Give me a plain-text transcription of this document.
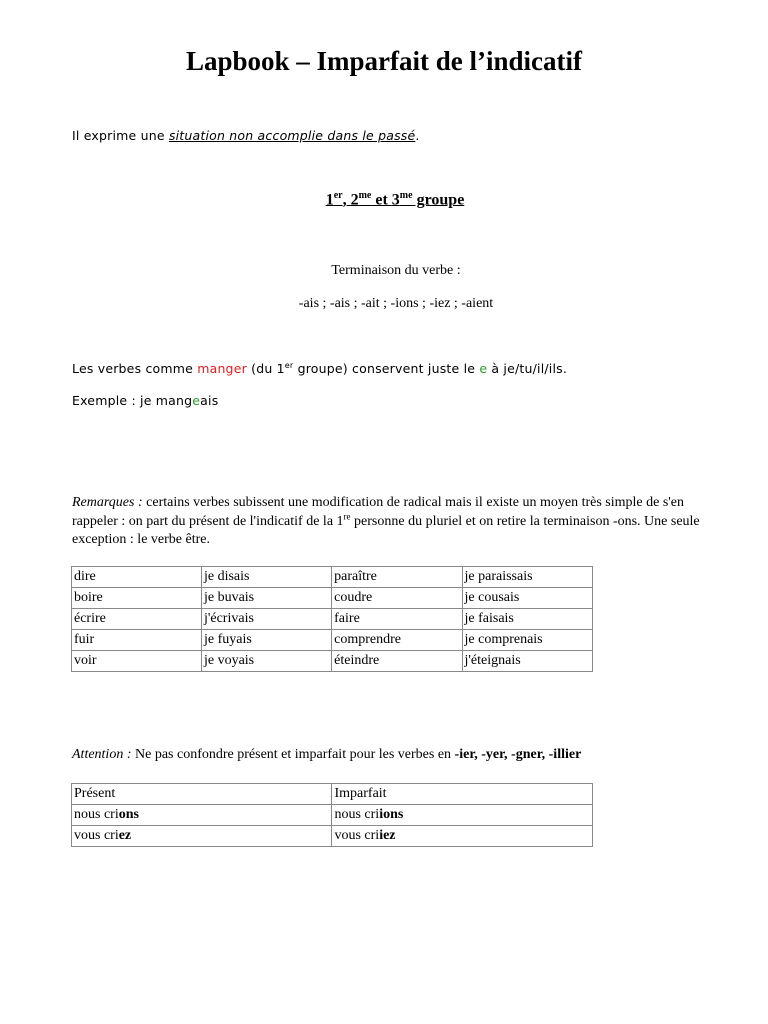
Lapbook – Imparfait de l’indicatif
Il exprime une situation non accomplie dans le passé.
1er, $2^{me}$ et $3^{me}$ groupe
Terminaison du verbe :
-ais ; -ais ; -ait ; -ions ; -iez ; -aient
Les verbes comme manger (du 1er groupe) conservent juste le e à je/tu/il/ils.
Exemple : je mangeais
Remarques : certains verbes subissent une modification de radical mais il existe un moyen très simple de s'en rappeler : on part du présent de l'indicatif de la 1re personne du pluriel et on retire la terminaison -ons. Une seule exception : le verbe être.
dire	je disais	paraître	je paraissais
boire	je buvais	coudre	je cousais
écrire	j'écrivais	faire	je faisais
fuir	je fuyais	comprendre	je comprenais
voir	je voyais	éteindre	j'éteignais
Attention : Ne pas confondre présent et imparfait pour les verbes en -ier, -yer, -gner, -illier
Présent	Imparfait
nous crions	nous criions
vous criez	vous criiez
